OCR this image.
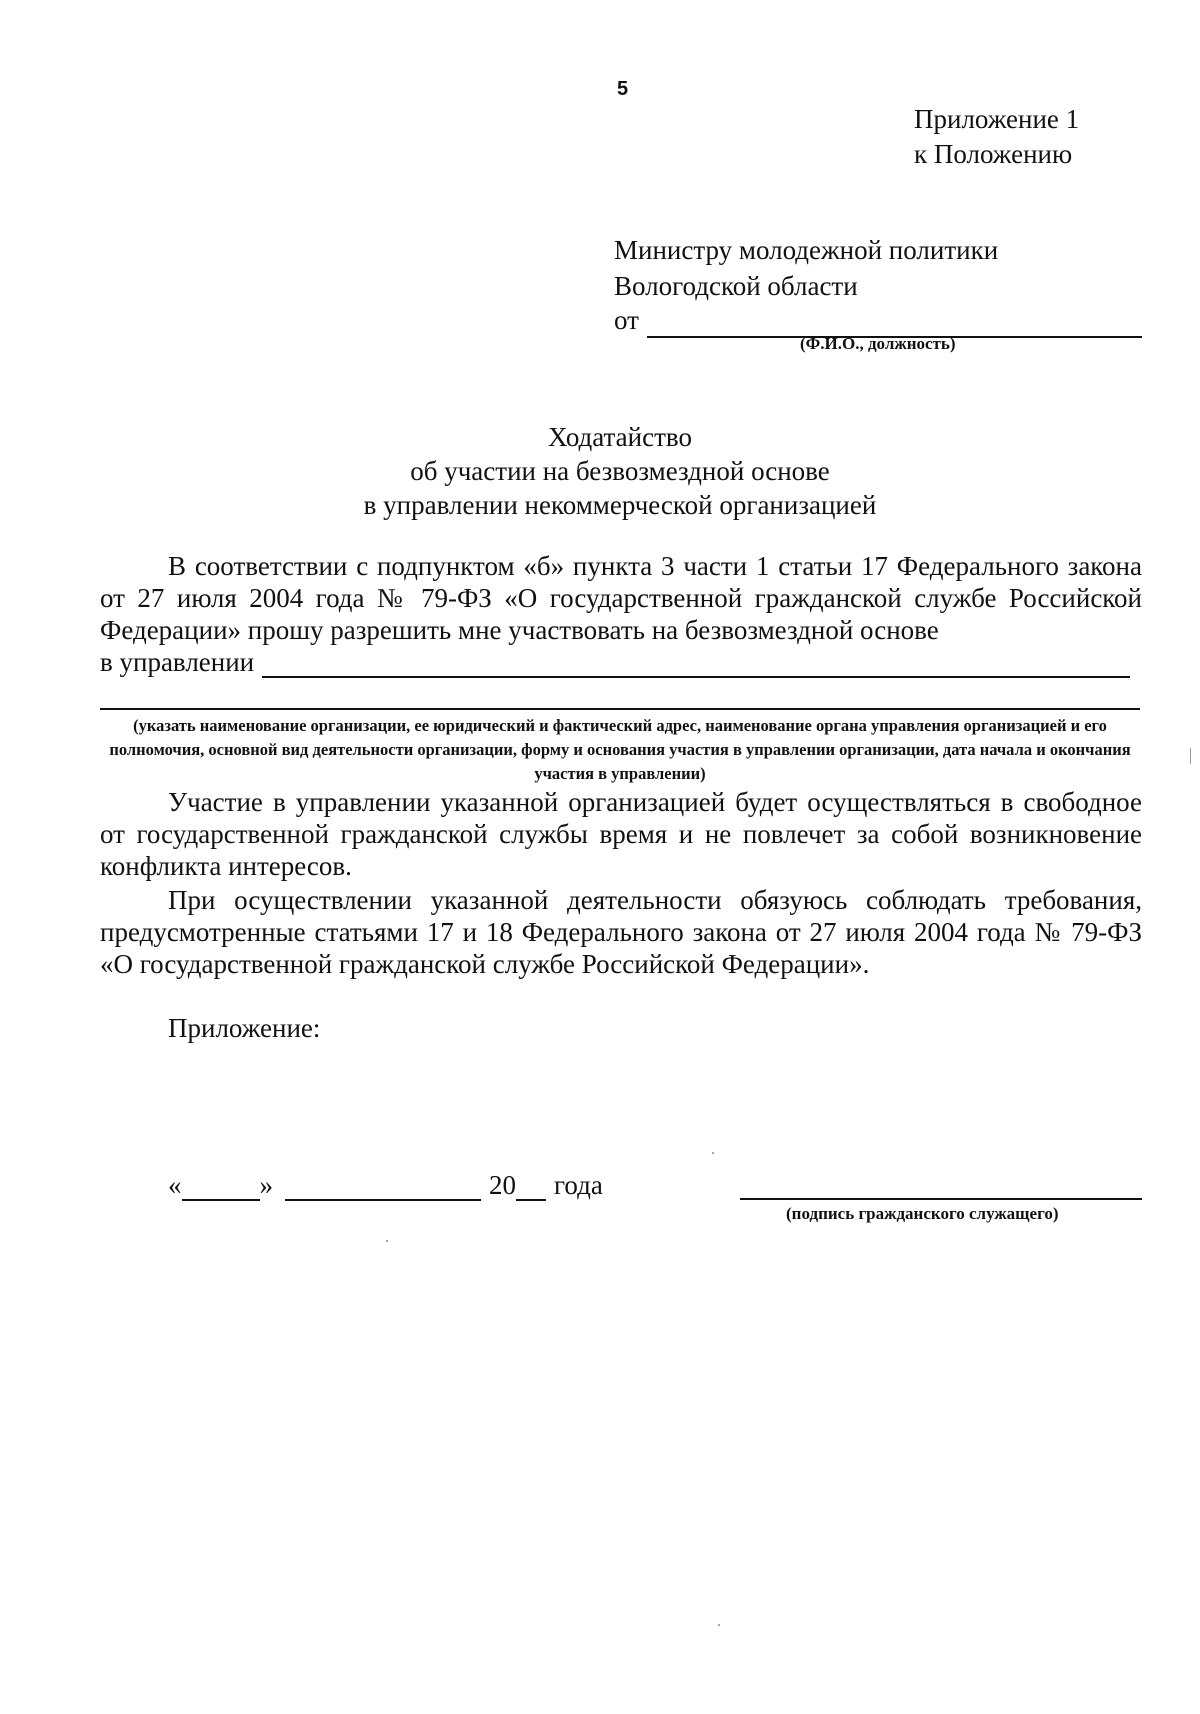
5
Приложение 1
к Положению
Министру молодежной политики
Вологодской области
от
(Ф.И.О., должность)
Ходатайство
об участии на безвозмездной основе
в управлении некоммерческой организацией
В соответствии с подпунктом «б» пункта 3 части 1 статьи 17 Федерального закона от 27 июля 2004 года № 79-ФЗ «О государственной гражданской службе Российской Федерации» прошу разрешить мне участвовать на безвозмездной основе
в управлении
(указать наименование организации, ее юридический и фактический адрес, наименование органа управления организацией и его полномочия, основной вид деятельности организации, форму и основания участия в управлении организации, дата начала и окончания участия в управлении)
Участие в управлении указанной организацией будет осуществляться в свободное от государственной гражданской службы время и не повлечет за собой возникновение конфликта интересов.
При осуществлении указанной деятельности обязуюсь соблюдать требования, предусмотренные статьями 17 и 18 Федерального закона от 27 июля 2004 года № 79-ФЗ «О государственной гражданской службе Российской Федерации».
Приложение:
«	»	20 года
(подпись гражданского служащего)
